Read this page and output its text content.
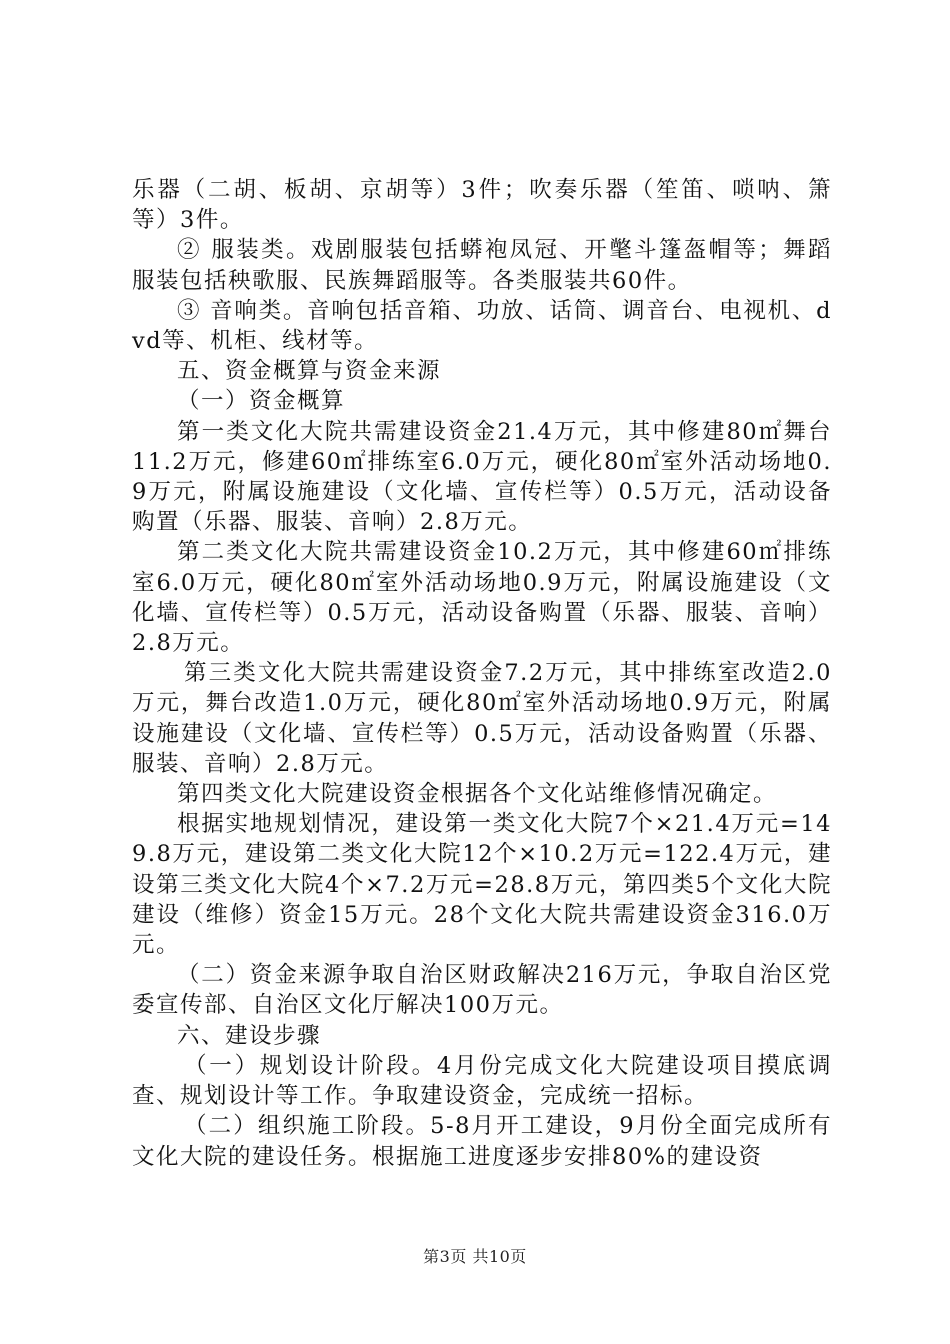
乐器（二胡、板胡、京胡等）3件；吹奏乐器（笙笛、唢呐、箫等）3件。

② 服装类。戏剧服装包括蟒袍凤冠、开氅斗篷盔帽等；舞蹈服装包括秧歌服、民族舞蹈服等。各类服装共60件。

③ 音响类。音响包括音箱、功放、话筒、调音台、电视机、dvd等、机柜、线材等。

五、资金概算与资金来源

（一）资金概算

第一类文化大院共需建设资金21.4万元，其中修建80㎡舞台11.2万元，修建60㎡排练室6.0万元，硬化80㎡室外活动场地0.9万元，附属设施建设（文化墙、宣传栏等）0.5万元，活动设备购置（乐器、服装、音响）2.8万元。

第二类文化大院共需建设资金10.2万元，其中修建60㎡排练室6.0万元，硬化80㎡室外活动场地0.9万元，附属设施建设（文化墙、宣传栏等）0.5万元，活动设备购置（乐器、服装、音响）2.8万元。

第三类文化大院共需建设资金7.2万元，其中排练室改造2.0万元，舞台改造1.0万元，硬化80㎡室外活动场地0.9万元，附属设施建设（文化墙、宣传栏等）0.5万元，活动设备购置（乐器、服装、音响）2.8万元。

第四类文化大院建设资金根据各个文化站维修情况确定。

根据实地规划情况，建设第一类文化大院7个×21.4万元=149.8万元，建设第二类文化大院12个×10.2万元=122.4万元，建设第三类文化大院4个×7.2万元=28.8万元，第四类5个文化大院建设（维修）资金15万元。28个文化大院共需建设资金316.0万元。

（二）资金来源争取自治区财政解决216万元，争取自治区党委宣传部、自治区文化厅解决100万元。

六、建设步骤

（一）规划设计阶段。4月份完成文化大院建设项目摸底调查、规划设计等工作。争取建设资金，完成统一招标。

（二）组织施工阶段。5-8月开工建设，9月份全面完成所有文化大院的建设任务。根据施工进度逐步安排80%的建设资

第3页 共10页
